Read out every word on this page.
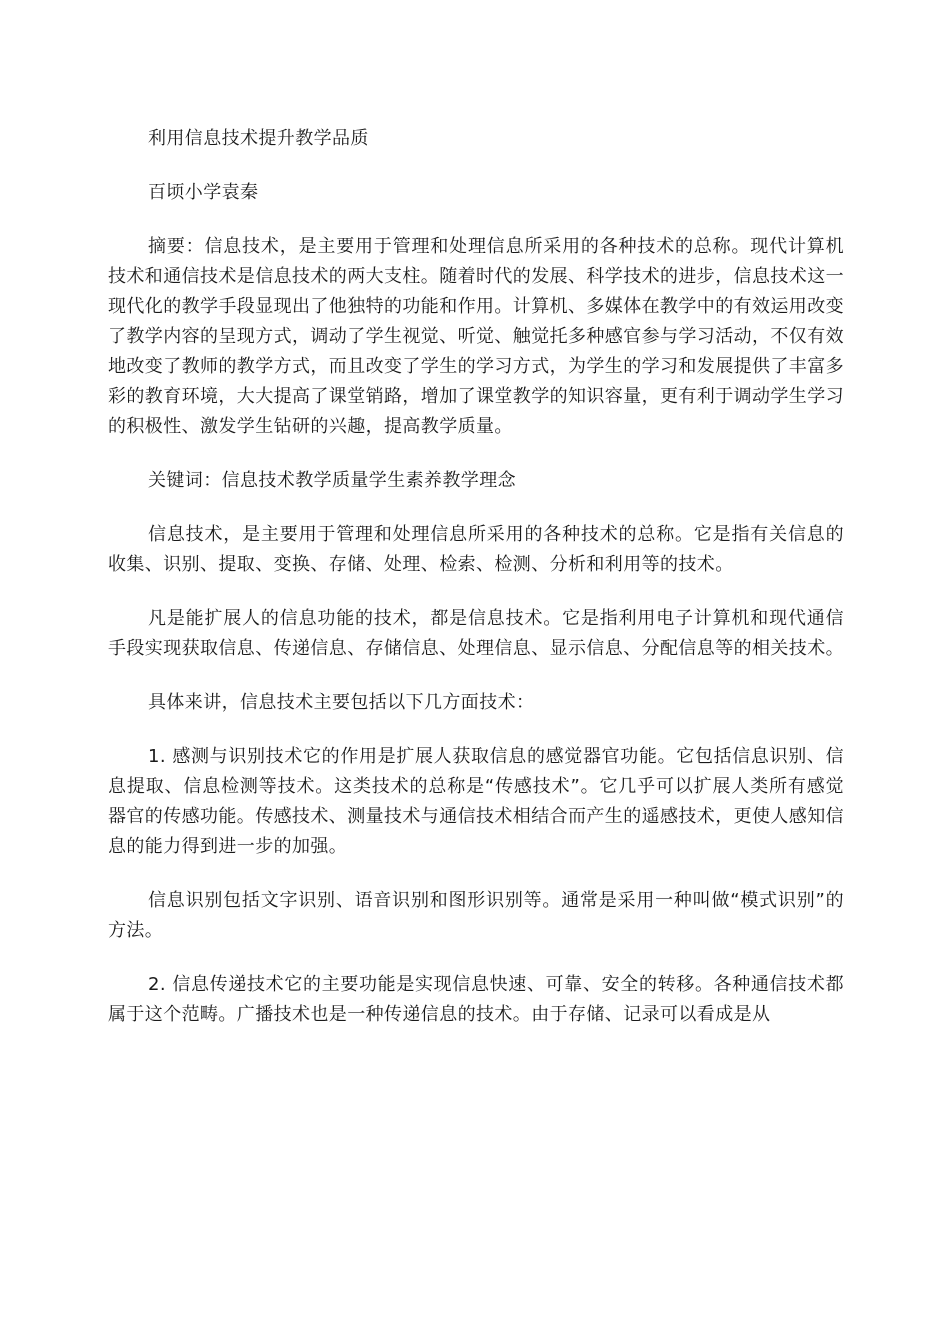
利用信息技术提升教学品质

百顷小学袁秦

摘要：信息技术，是主要用于管理和处理信息所采用的各种技术的总称。现代计算机技术和通信技术是信息技术的两大支柱。随着时代的发展、科学技术的进步，信息技术这一现代化的教学手段显现出了他独特的功能和作用。计算机、多媒体在教学中的有效运用改变了教学内容的呈现方式，调动了学生视觉、听觉、触觉托多种感官参与学习活动，不仅有效地改变了教师的教学方式，而且改变了学生的学习方式，为学生的学习和发展提供了丰富多彩的教育环境，大大提高了课堂销路，增加了课堂教学的知识容量，更有利于调动学生学习的积极性、激发学生钻研的兴趣，提高教学质量。

关键词：信息技术教学质量学生素养教学理念

信息技术，是主要用于管理和处理信息所采用的各种技术的总称。它是指有关信息的收集、识别、提取、变换、存储、处理、检索、检测、分析和利用等的技术。

凡是能扩展人的信息功能的技术，都是信息技术。它是指利用电子计算机和现代通信手段实现获取信息、传递信息、存储信息、处理信息、显示信息、分配信息等的相关技术。

具体来讲，信息技术主要包括以下几方面技术：

1. 感测与识别技术它的作用是扩展人获取信息的感觉器官功能。它包括信息识别、信息提取、信息检测等技术。这类技术的总称是“传感技术”。它几乎可以扩展人类所有感觉器官的传感功能。传感技术、测量技术与通信技术相结合而产生的遥感技术，更使人感知信息的能力得到进一步的加强。

信息识别包括文字识别、语音识别和图形识别等。通常是采用一种叫做“模式识别”的方法。

2. 信息传递技术它的主要功能是实现信息快速、可靠、安全的转移。各种通信技术都属于这个范畴。广播技术也是一种传递信息的技术。由于存储、记录可以看成是从
